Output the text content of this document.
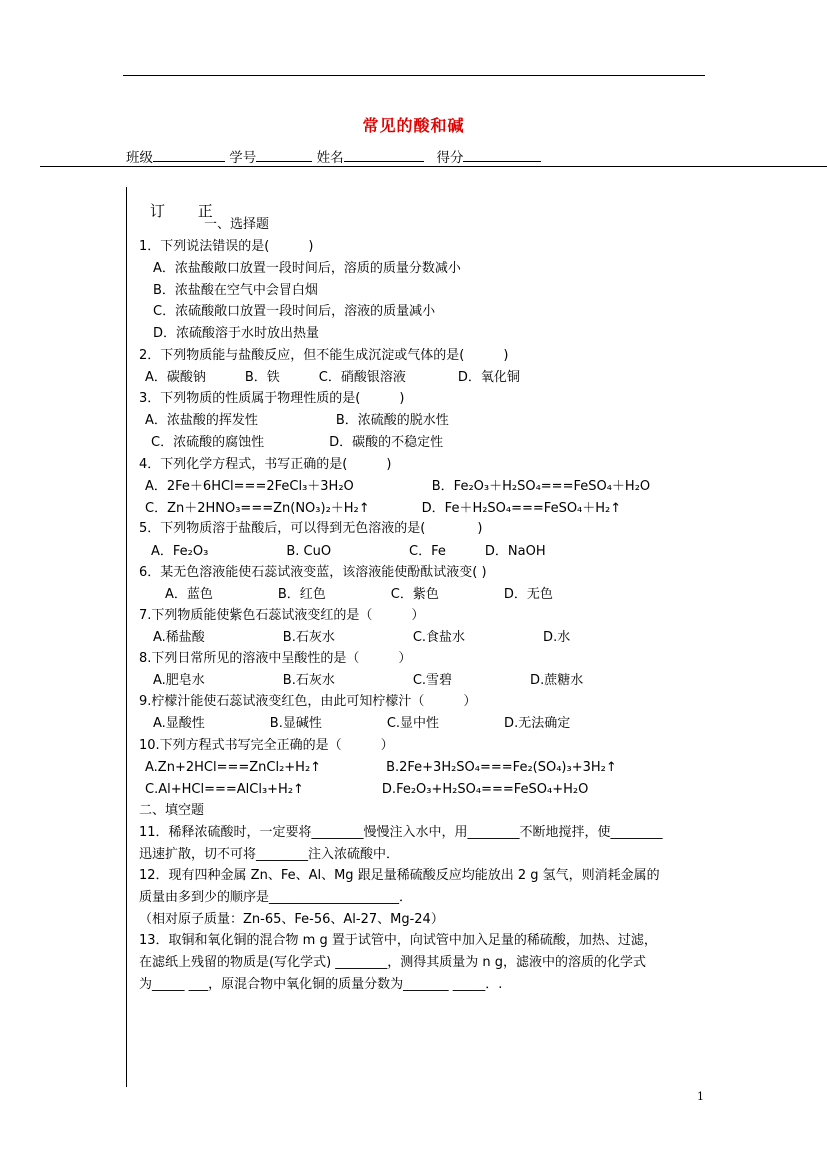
常见的酸和碱
班级	学号	姓名	得分
订 正
一、选择题
二、填空题
1．下列说法错误的是(　　　)
A．浓盐酸敞口放置一段时间后，溶质的质量分数减小
B．浓盐酸在空气中会冒白烟
C．浓硫酸敞口放置一段时间后，溶液的质量减小
D．浓硫酸溶于水时放出热量
2．下列物质能与盐酸反应，但不能生成沉淀或气体的是(　　　)
A．碳酸钠　　　B．铁　　　C．硝酸银溶液　　　　D．氧化铜
3．下列物质的性质属于物理性质的是(　　　)
A．浓盐酸的挥发性　　　　　　B．浓硫酸的脱水性
C．浓硫酸的腐蚀性　　　　　D．碳酸的不稳定性
4．下列化学方程式，书写正确的是(　　　)
A．2Fe＋6HCl===2FeCl₃＋3H₂O　　　　　　B．Fe₂O₃＋H₂SO₄===FeSO₄＋H₂O
C．Zn＋2HNO₃===Zn(NO₃)₂＋H₂↑　　　　D．Fe＋H₂SO₄===FeSO₄＋H₂↑
5．下列物质溶于盐酸后，可以得到无色溶液的是(　　　　)
A．Fe₂O₃　　　　　　B. CuO　　　　　　C．Fe　　　D．NaOH
6．某无色溶液能使石蕊试液变蓝，该溶液能使酚酞试液变( )
A．蓝色　　　　　B．红色　　　　　C．紫色　　　　　D．无色
7.下列物质能使紫色石蕊试液变红的是（　　　）
A.稀盐酸　　　　　　B.石灰水　　　　　　C.食盐水　　　　　　D.水
8.下列日常所见的溶液中呈酸性的是（　　　）
A.肥皂水　　　　　　B.石灰水　　　　　　C.雪碧　　　　　　D.蔗糖水
9.柠檬汁能使石蕊试液变红色，由此可知柠檬汁（　　　）
A.显酸性　　　　　B.显碱性　　　　　C.显中性　　　　　D.无法确定
10.下列方程式书写完全正确的是（　　　）
A.Zn+2HCl===ZnCl₂+H₂↑　　　　　B.2Fe+3H₂SO₄===Fe₂(SO₄)₃+3H₂↑
C.Al+HCl===AlCl₃+H₂↑　　　　　　D.Fe₂O₃+H₂SO₄===FeSO₄+H₂O
11．稀释浓硫酸时，一定要将________慢慢注入水中，用________不断地搅拌，使________
迅速扩散，切不可将________注入浓硫酸中．
12．现有四种金属 Zn、Fe、Al、Mg 跟足量稀硫酸反应均能放出 2 g 氢气，则消耗金属的
质量由多到少的顺序是____________________．
（相对原子质量：Zn-65、Fe-56、Al-27、Mg-24）
13．取铜和氧化铜的混合物 m g 置于试管中，向试管中加入足量的稀硫酸，加热、过滤，
在滤纸上残留的物质是(写化学式) ________，测得其质量为 n g，滤液中的溶质的化学式
为_____ ___，原混合物中氧化铜的质量分数为_______ _____．.
1
